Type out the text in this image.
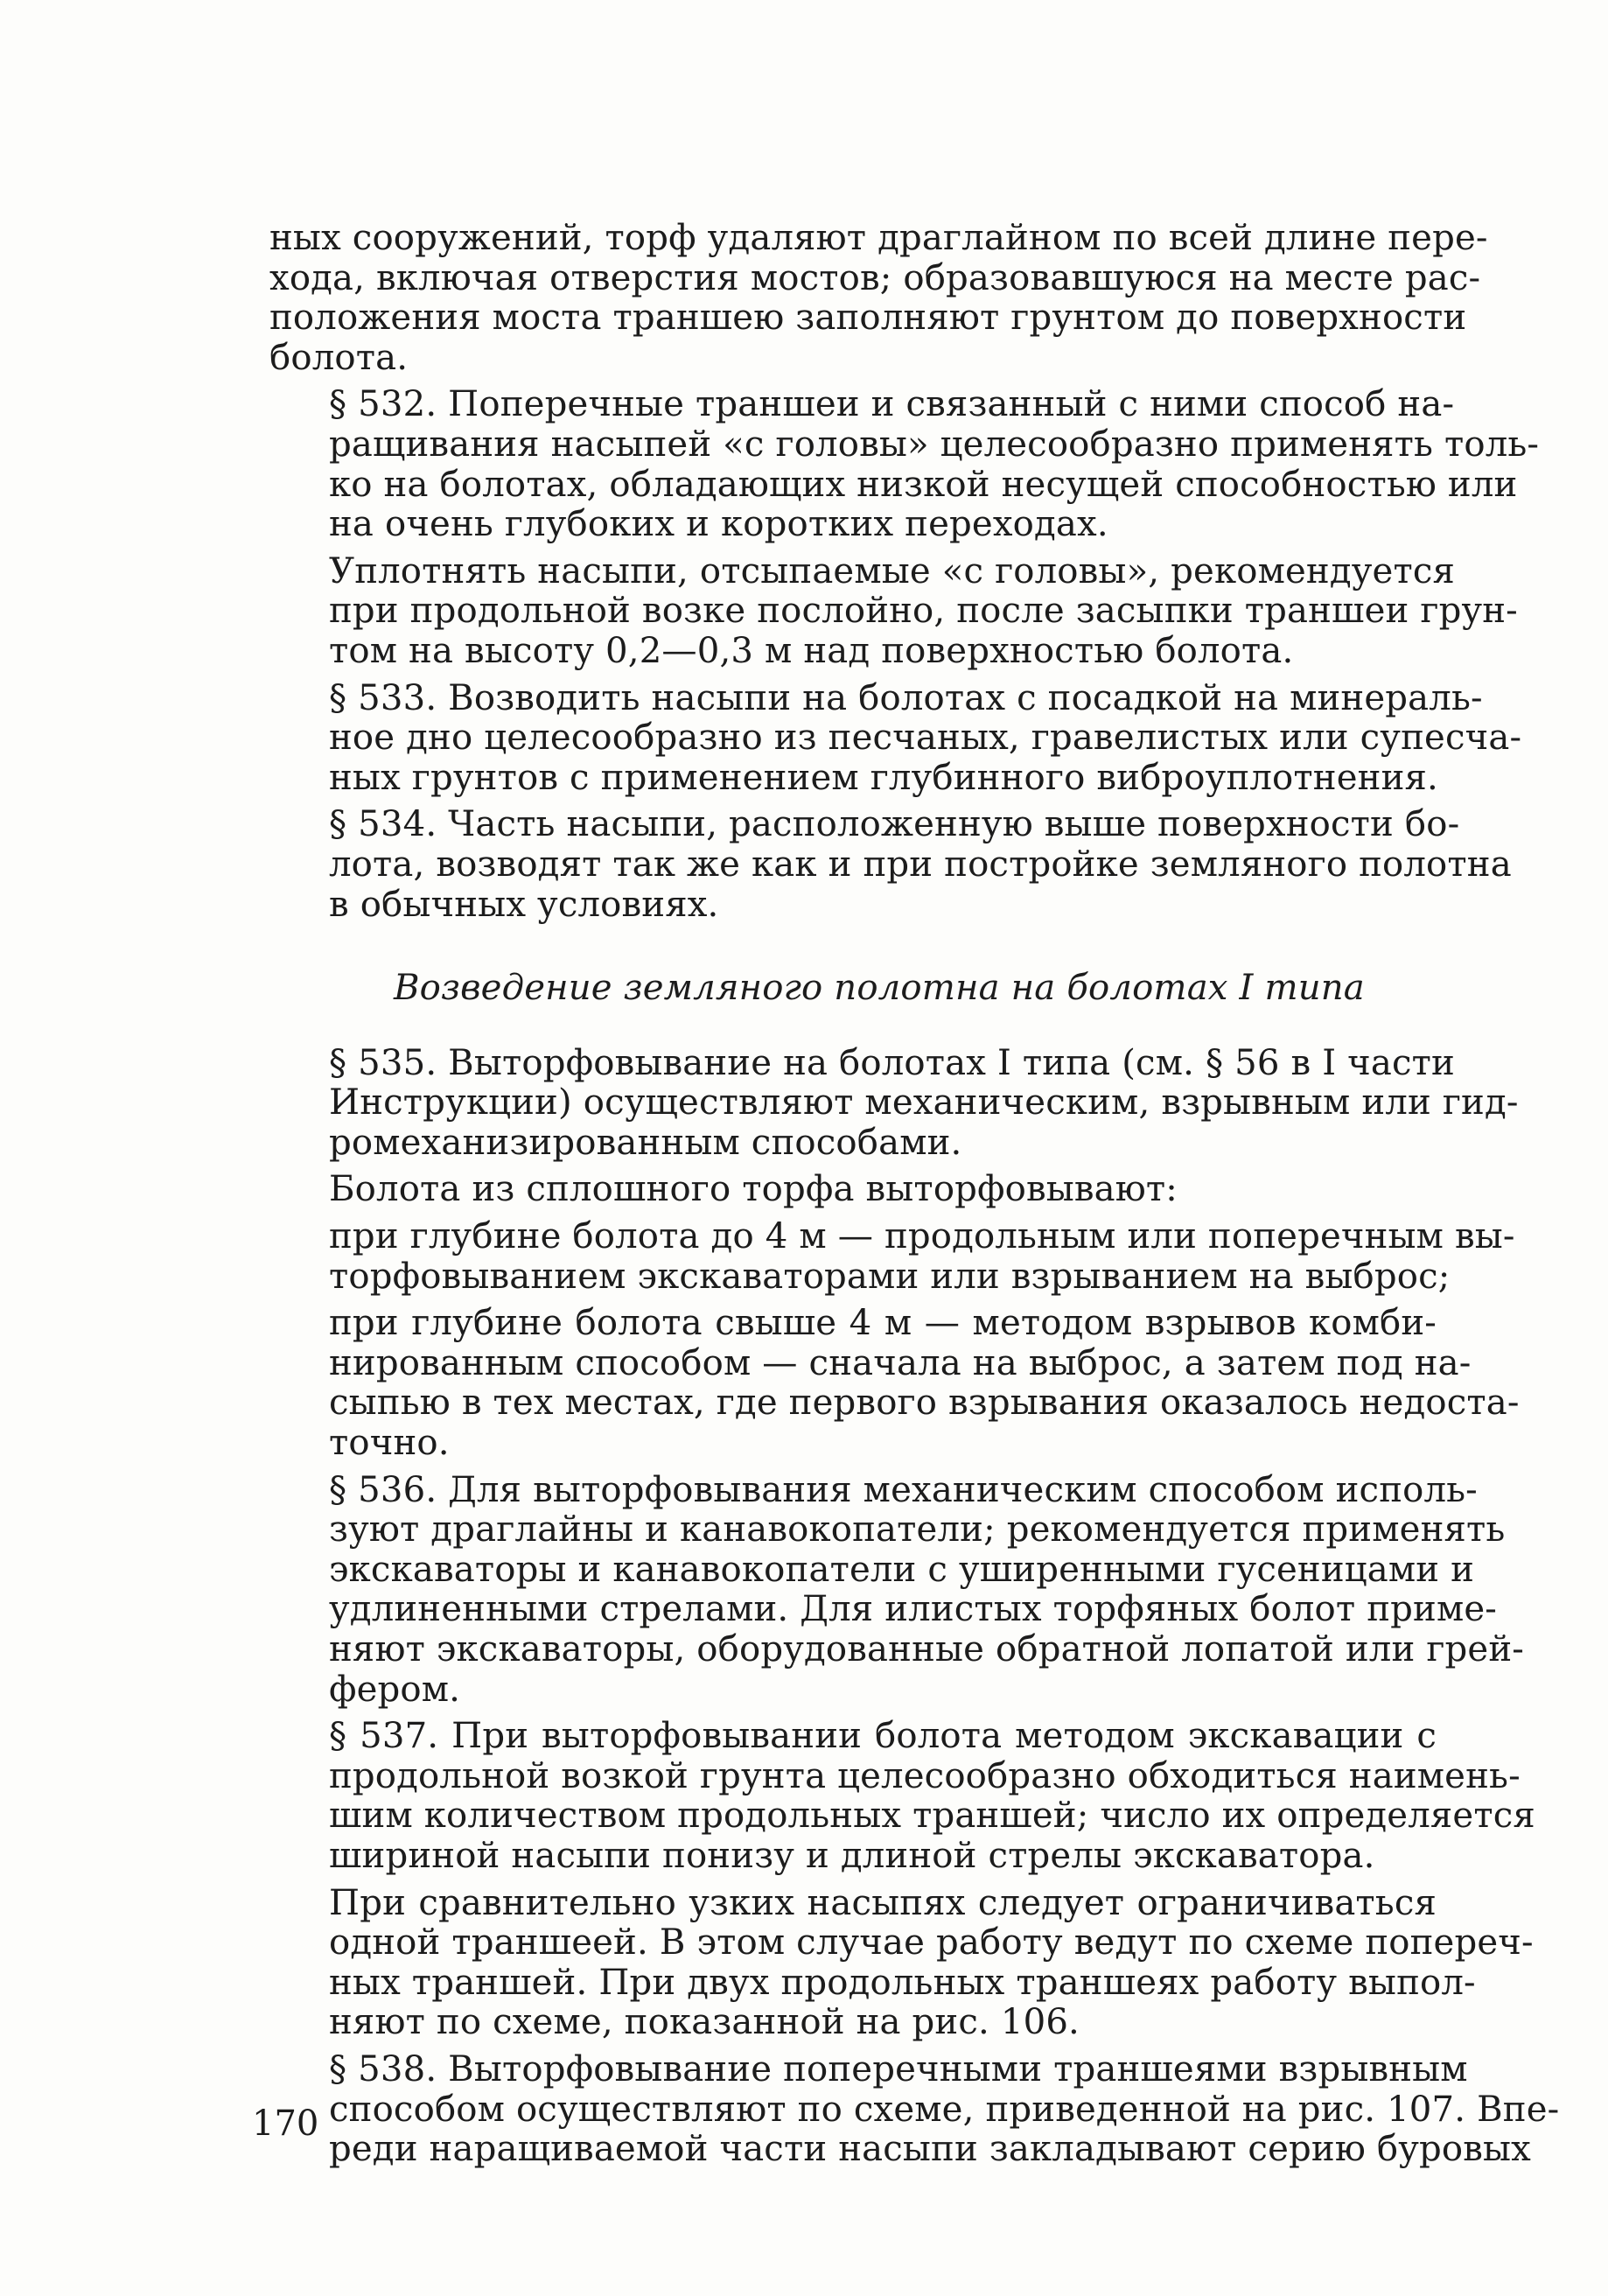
ных сооружений, торф удаляют драглайном по всей длине пере-
хода, включая отверстия мостов; образовавшуюся на месте рас-
положения моста траншею заполняют грунтом до поверхности
болота.
§ 532. Поперечные траншеи и связанный с ними способ на-
ращивания насыпей «с головы» целесообразно применять толь-
ко на болотах, обладающих низкой несущей способностью или
на очень глубоких и коротких переходах.
Уплотнять насыпи, отсыпаемые «с головы», рекомендуется
при продольной возке послойно, после засыпки траншеи грун-
том на высоту 0,2—0,3 м над поверхностью болота.
§ 533. Возводить насыпи на болотах с посадкой на минераль-
ное дно целесообразно из песчаных, гравелистых или супесча-
ных грунтов с применением глубинного виброуплотнения.
§ 534. Часть насыпи, расположенную выше поверхности бо-
лота, возводят так же как и при постройке земляного полотна
в обычных условиях.
Возведение земляного полотна на болотах I типа
§ 535. Выторфовывание на болотах I типа (см. § 56 в I части
Инструкции) осуществляют механическим, взрывным или гид-
ромеханизированным способами.
Болота из сплошного торфа выторфовывают:
при глубине болота до 4 м — продольным или поперечным вы-
торфовыванием экскаваторами или взрыванием на выброс;
при глубине болота свыше 4 м — методом взрывов комби-
нированным способом — сначала на выброс, а затем под на-
сыпью в тех местах, где первого взрывания оказалось недоста-
точно.
§ 536. Для выторфовывания механическим способом исполь-
зуют драглайны и канавокопатели; рекомендуется применять
экскаваторы и канавокопатели с уширенными гусеницами и
удлиненными стрелами. Для илистых торфяных болот приме-
няют экскаваторы, оборудованные обратной лопатой или грей-
фером.
§ 537. При выторфовывании болота методом экскавации с
продольной возкой грунта целесообразно обходиться наимень-
шим количеством продольных траншей; число их определяется
шириной насыпи понизу и длиной стрелы экскаватора.
При сравнительно узких насыпях следует ограничиваться
одной траншеей. В этом случае работу ведут по схеме попереч-
ных траншей. При двух продольных траншеях работу выпол-
няют по схеме, показанной на рис. 106.
§ 538. Выторфовывание поперечными траншеями взрывным
способом осуществляют по схеме, приведенной на рис. 107. Впе-
реди наращиваемой части насыпи закладывают серию буровых
170
